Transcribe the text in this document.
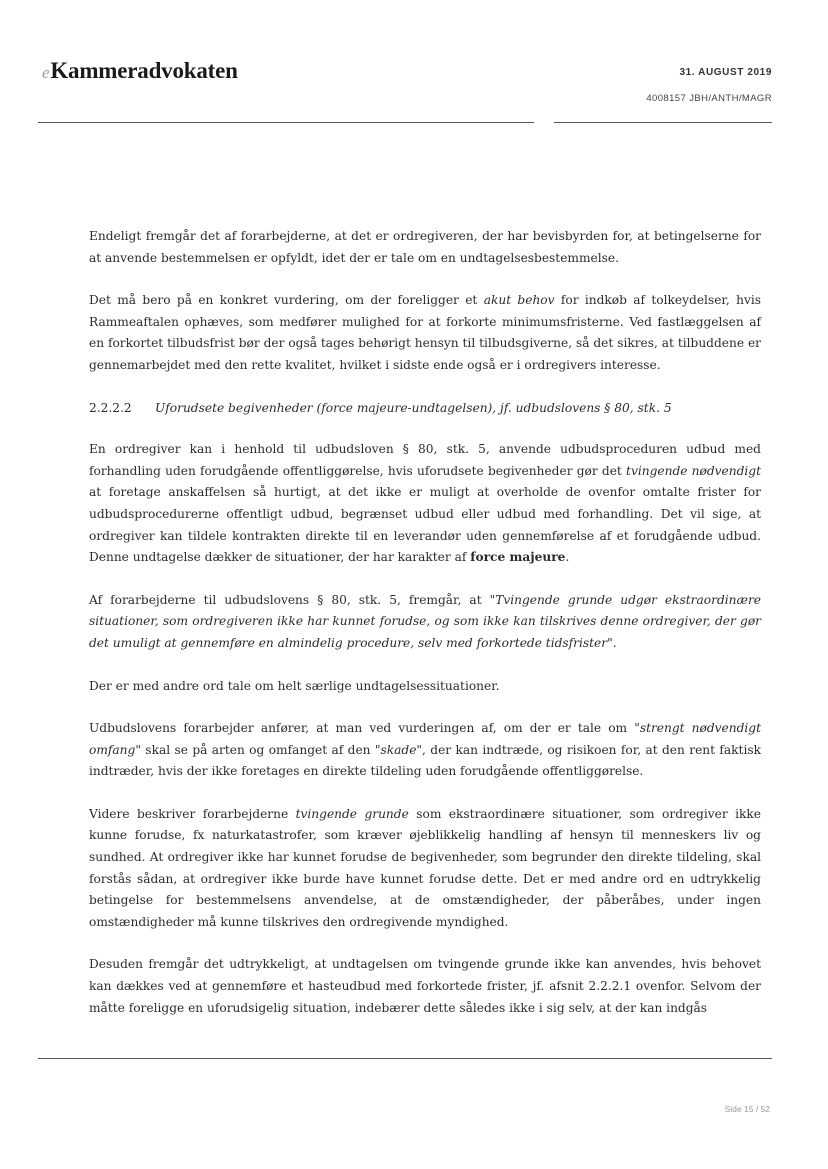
eKammeradvokaten	31. AUGUST 2019
4008157 JBH/ANTH/MAGR

Endeligt fremgår det af forarbejderne, at det er ordregiveren, der har bevisbyrden for, at betingelserne for at anvende bestemmelsen er opfyldt, idet der er tale om en undtagelsesbestemmelse.

Det må bero på en konkret vurdering, om der foreligger et akut behov for indkøb af tolkeydelser, hvis Rammeaftalen ophæves, som medfører mulighed for at forkorte minimumsfristerne. Ved fastlæggelsen af en forkortet tilbudsfrist bør der også tages behørigt hensyn til tilbudsgiverne, så det sikres, at tilbuddene er gennemarbejdet med den rette kvalitet, hvilket i sidste ende også er i ordregivers interesse.

2.2.2.2 Uforudsete begivenheder (force majeure-undtagelsen), jf. udbudslovens § 80, stk. 5

En ordregiver kan i henhold til udbudsloven § 80, stk. 5, anvende udbudsproceduren udbud med forhandling uden forudgående offentliggørelse, hvis uforudsete begivenheder gør det tvingende nødvendigt at foretage anskaffelsen så hurtigt, at det ikke er muligt at overholde de ovenfor omtalte frister for udbudsprocedurerne offentligt udbud, begrænset udbud eller udbud med forhandling. Det vil sige, at ordregiver kan tildele kontrakten direkte til en leverandør uden gennemførelse af et forudgående udbud. Denne undtagelse dækker de situationer, der har karakter af force majeure.

Af forarbejderne til udbudslovens § 80, stk. 5, fremgår, at "Tvingende grunde udgør ekstraordinære situationer, som ordregiveren ikke har kunnet forudse, og som ikke kan tilskrives denne ordregiver, der gør det umuligt at gennemføre en almindelig procedure, selv med forkortede tidsfrister".

Der er med andre ord tale om helt særlige undtagelsessituationer.

Udbudslovens forarbejder anfører, at man ved vurderingen af, om der er tale om "strengt nødvendigt omfang" skal se på arten og omfanget af den "skade", der kan indtræde, og risikoen for, at den rent faktisk indtræder, hvis der ikke foretages en direkte tildeling uden forudgående offentliggørelse.

Videre beskriver forarbejderne tvingende grunde som ekstraordinære situationer, som ordregiver ikke kunne forudse, fx naturkatastrofer, som kræver øjeblikkelig handling af hensyn til menneskers liv og sundhed. At ordregiver ikke har kunnet forudse de begivenheder, som begrunder den direkte tildeling, skal forstås sådan, at ordregiver ikke burde have kunnet forudse dette. Det er med andre ord en udtrykkelig betingelse for bestemmelsens anvendelse, at de omstændigheder, der påberåbes, under ingen omstændigheder må kunne tilskrives den ordregivende myndighed.

Desuden fremgår det udtrykkeligt, at undtagelsen om tvingende grunde ikke kan anvendes, hvis behovet kan dækkes ved at gennemføre et hasteudbud med forkortede frister, jf. afsnit 2.2.2.1 ovenfor. Selvom der måtte foreligge en uforudsigelig situation, indebærer dette således ikke i sig selv, at der kan indgås

Side 15 / 52
